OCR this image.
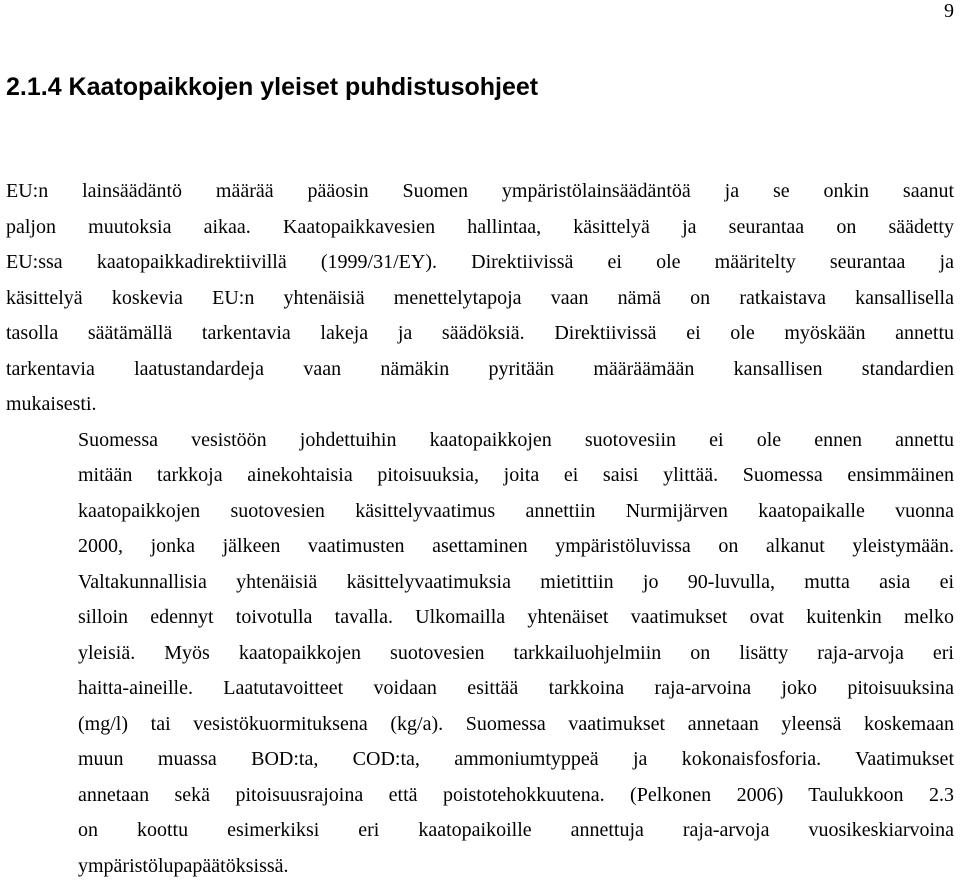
9
2.1.4 Kaatopaikkojen yleiset puhdistusohjeet

EU:n lainsäädäntö määrää pääosin Suomen ympäristölainsäädäntöä ja se onkin saanut
paljon muutoksia aikaa. Kaatopaikkavesien hallintaa, käsittelyä ja seurantaa on säädetty
EU:ssa kaatopaikkadirektiivillä (1999/31/EY). Direktiivissä ei ole määritelty seurantaa ja
käsittelyä koskevia EU:n yhtenäisiä menettelytapoja vaan nämä on ratkaistava kansallisella
tasolla säätämällä tarkentavia lakeja ja säädöksiä. Direktiivissä ei ole myöskään annettu
tarkentavia laatustandardeja vaan nämäkin pyritään määräämään kansallisen standardien
mukaisesti.

Suomessa vesistöön johdettuihin kaatopaikkojen suotovesiin ei ole ennen annettu
mitään tarkkoja ainekohtaisia pitoisuuksia, joita ei saisi ylittää. Suomessa ensimmäinen
kaatopaikkojen suotovesien käsittelyvaatimus annettiin Nurmijärven kaatopaikalle vuonna
2000, jonka jälkeen vaatimusten asettaminen ympäristöluvissa on alkanut yleistymään.
Valtakunnallisia yhtenäisiä käsittelyvaatimuksia mietittiin jo 90-luvulla, mutta asia ei
silloin edennyt toivotulla tavalla. Ulkomailla yhtenäiset vaatimukset ovat kuitenkin melko
yleisiä. Myös kaatopaikkojen suotovesien tarkkailuohjelmiin on lisätty raja-arvoja eri
haitta-aineille. Laatutavoitteet voidaan esittää tarkkoina raja-arvoina joko pitoisuuksina
(mg/l) tai vesistökuormituksena (kg/a). Suomessa vaatimukset annetaan yleensä koskemaan
muun muassa BOD:ta, COD:ta, ammoniumtyppeä ja kokonaisfosforia. Vaatimukset
annetaan sekä pitoisuusrajoina että poistotehokkuutena. (Pelkonen 2006) Taulukkoon 2.3
on koottu esimerkiksi eri kaatopaikoille annettuja raja-arvoja vuosikeskiarvoina
ympäristölupapäätöksissä.
